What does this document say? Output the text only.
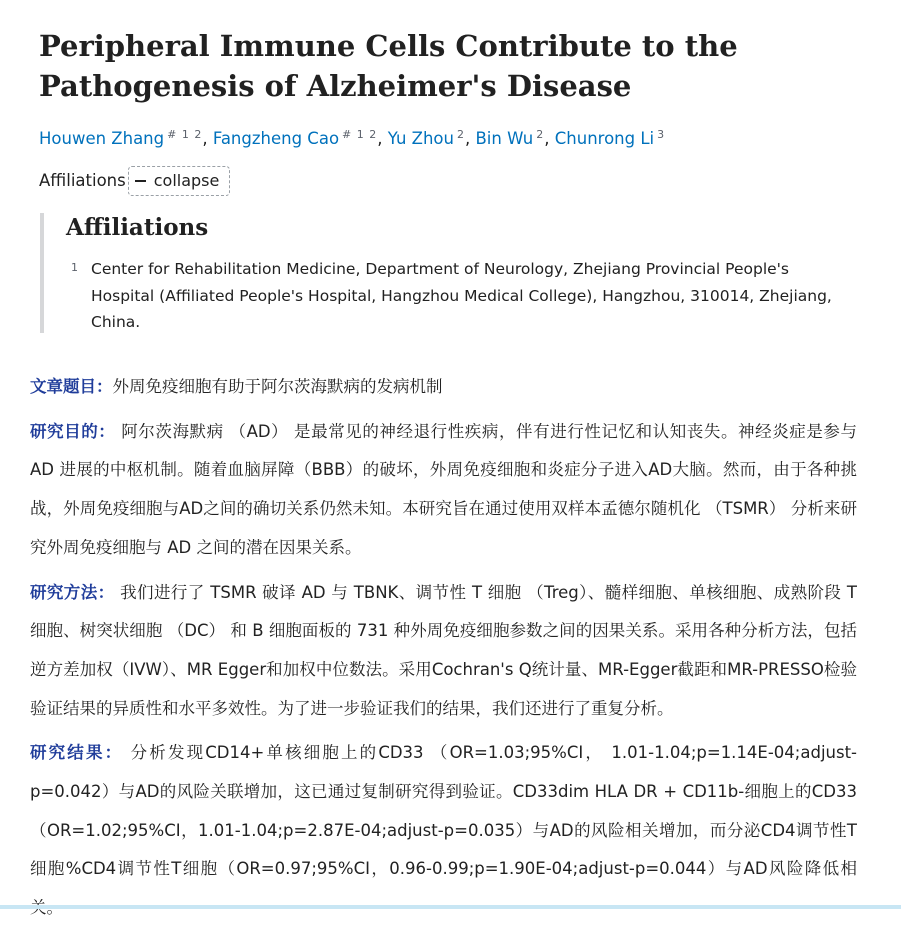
Peripheral Immune Cells Contribute to the Pathogenesis of Alzheimer's Disease
Houwen Zhang $^{\# 1 2}$, Fangzheng Cao $^{\# 1 2}$, Yu Zhou $^2$, Bin Wu $^2$, Chunrong Li $^3$
Affiliations collapse
Affiliations
1 Center for Rehabilitation Medicine, Department of Neurology, Zhejiang Provincial People's Hospital (Affiliated People's Hospital, Hangzhou Medical College), Hangzhou, 310014, Zhejiang, China.

文章题目：外周免疫细胞有助于阿尔茨海默病的发病机制

研究目的： 阿尔茨海默病 （AD） 是最常见的神经退行性疾病，伴有进行性记忆和认知丧失。神经炎症是参与 AD 进展的中枢机制。随着血脑屏障（BBB）的破坏，外周免疫细胞和炎症分子进入AD大脑。然而，由于各种挑战，外周免疫细胞与AD之间的确切关系仍然未知。本研究旨在通过使用双样本孟德尔随机化 （TSMR） 分析来研究外周免疫细胞与 AD 之间的潜在因果关系。

研究方法： 我们进行了 TSMR 破译 AD 与 TBNK、调节性 T 细胞 （Treg）、髓样细胞、单核细胞、成熟阶段 T 细胞、树突状细胞 （DC） 和 B 细胞面板的 731 种外周免疫细胞参数之间的因果关系。采用各种分析方法，包括逆方差加权（IVW）、MR Egger和加权中位数法。采用Cochran's Q统计量、MR-Egger截距和MR-PRESSO检验验证结果的异质性和水平多效性。为了进一步验证我们的结果，我们还进行了重复分析。

研究结果： 分析发现CD14+单核细胞上的CD33 （OR=1.03;95%CI， 1.01-1.04;p=1.14E-04;adjust-p=0.042）与AD的风险关联增加，这已通过复制研究得到验证。CD33dim HLA DR + CD11b-细胞上的CD33（OR=1.02;95%CI，1.01-1.04;p=2.87E-04;adjust-p=0.035）与AD的风险相关增加，而分泌CD4调节性T细胞%CD4调节性T细胞（OR=0.97;95%CI，0.96-0.99;p=1.90E-04;adjust-p=0.044）与AD风险降低相
